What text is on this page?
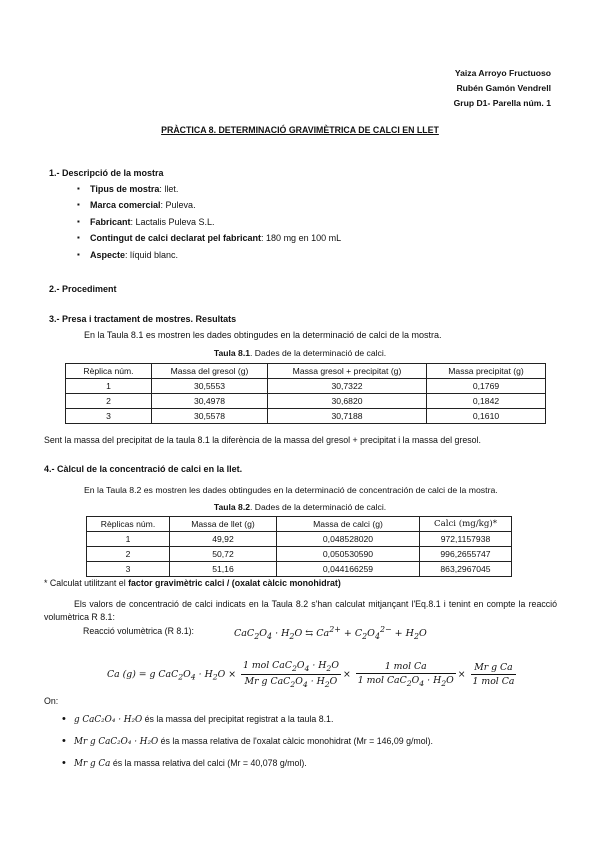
Yaiza Arroyo Fructuoso
Rubén Gamón Vendrell
Grup D1- Parella núm. 1
PRÀCTICA 8. DETERMINACIÓ GRAVIMÈTRICA DE CALCI EN LLET
1.- Descripció de la mostra
▪ Tipus de mostra: llet.
▪ Marca comercial: Puleva.
▪ Fabricant: Lactalis Puleva S.L.
▪ Contingut de calci declarat pel fabricant: 180 mg en 100 mL
▪ Aspecte: líquid blanc.
2.- Procediment
3.- Presa i tractament de mostres. Resultats
En la Taula 8.1 es mostren les dades obtingudes en la determinació de calci de la mostra.
Taula 8.1. Dades de la determinació de calci.
Rèplica núm.	Massa del gresol (g)	Massa gresol + precipitat (g)	Massa precipitat (g)
1	30,5553	30,7322	0,1769
2	30,4978	30,6820	0,1842
3	30,5578	30,7188	0,1610
Sent la massa del precipitat de la taula 8.1 la diferència de la massa del gresol + precipitat i la massa del gresol.
4.- Càlcul de la concentració de calci en la llet.
En la Taula 8.2 es mostren les dades obtingudes en la determinació de concentración de calci de la mostra.
Taula 8.2. Dades de la determinació de calci.
Rèplicas núm.	Massa de llet (g)	Massa de calci (g)	Calci (mg/kg)*
1	49,92	0,048528020	972,1157938
2	50,72	0,050530590	996,2655747
3	51,16	0,044166259	863,2967045
* Calculat utilitzant el factor gravimètric calci / (oxalat càlcic monohidrat)
Els valors de concentració de calci indicats en la Taula 8.2 s'han calculat mitjançant l'Eq.8.1 i tenint en compte la reacció volumètrica R 8.1:
Reacció volumètrica (R 8.1):	$CaC_2O_4 \cdot H_2O$ ⇆ $Ca^{2+} + C_2O_4^{2-} + H_2O$
Ca (g) = g $CaC_2O_4 \cdot H_2O \times \frac{1 mol CaC_2O_4 \cdot H_2O}{Mr g CaC_2O_4 \cdot H_2O} \times \frac{\text{1 mol Ca}}{1 mol CaC_2O_4 \cdot H_2O} \times \frac{\text{Mr g Ca}}{\text{1 mol Ca}}$
On:
• g CaC₂O₄ · H₂O és la massa del precipitat registrat a la taula 8.1.
• Mr g CaC₂O₄ · H₂O és la massa relativa de l'oxalat càlcic monohidrat (Mr = 146,09 g/mol).
• Mr g Ca és la massa relativa del calci (Mr = 40,078 g/mol).
